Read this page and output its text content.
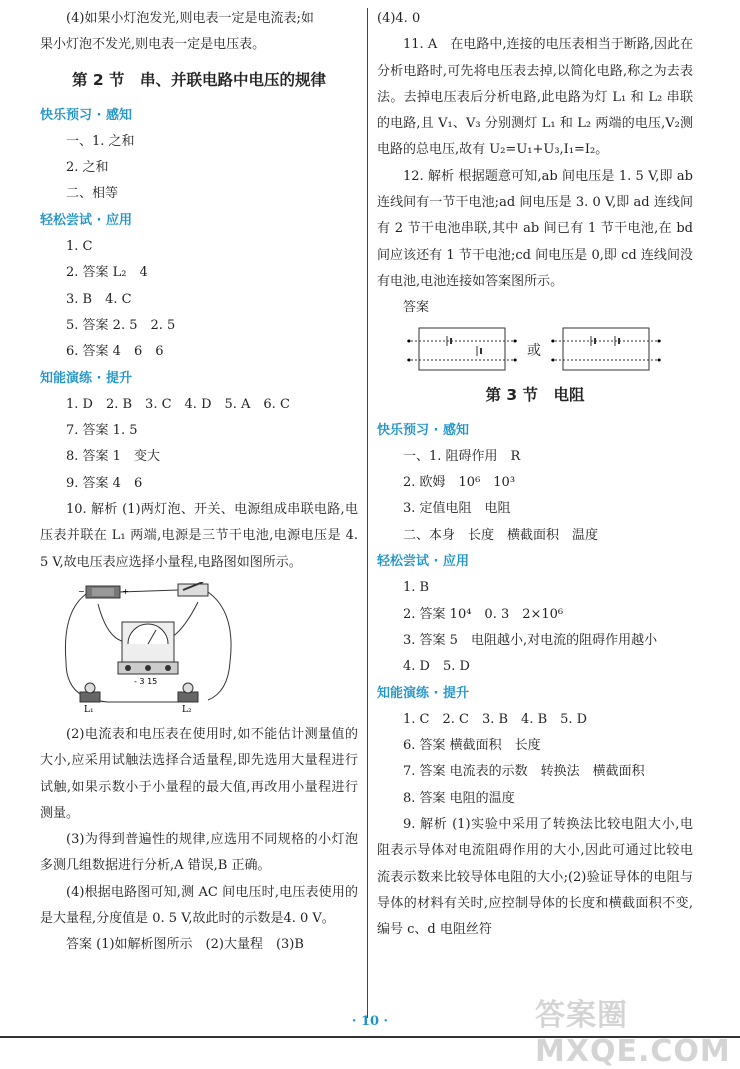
(4)如果小灯泡发光,则电表一定是电流表;如

果小灯泡不发光,则电表一定是电压表。

第 2 节　串、并联电路中电压的规律
快乐预习 · 感知

一、1. 之和

2. 之和

二、相等

轻松尝试 · 应用

1. C

2. 答案 L₂　4

3. B　4. C

5. 答案 2. 5　2. 5

6. 答案 4　6　6

知能演练 · 提升

1. D　2. B　3. C　4. D　5. A　6. C

7. 答案 1. 5

8. 答案 1　变大

9. 答案 4　6

10. 解析 (1)两灯泡、开关、电源组成串联电路,电压表并联在 L₁ 两端,电源是三节干电池,电源电压是 4. 5 V,故电压表应选择小量程,电路图如图所示。

−	+
- 3 15
L₁	L₂

(2)电流表和电压表在使用时,如不能估计测量值的大小,应采用试触法选择合适量程,即先选用大量程进行试触,如果示数小于小量程的最大值,再改用小量程进行测量。

(3)为得到普遍性的规律,应选用不同规格的小灯泡多测几组数据进行分析,A 错误,B 正确。

(4)根据电路图可知,测 AC 间电压时,电压表使用的是大量程,分度值是 0. 5 V,故此时的示数是4. 0 V。

答案 (1)如解析图所示　(2)大量程　(3)B

(4)4. 0

11. A　在电路中,连接的电压表相当于断路,因此在分析电路时,可先将电压表去掉,以简化电路,称之为去表法。去掉电压表后分析电路,此电路为灯 L₁ 和 L₂ 串联的电路,且 V₁、V₃ 分别测灯 L₁ 和 L₂ 两端的电压,V₂测电路的总电压,故有 U₂=U₁+U₃,I₁=I₂。

12. 解析 根据题意可知,ab 间电压是 1. 5 V,即 ab 连线间有一节干电池;ad 间电压是 3. 0 V,即 ad 连线间有 2 节干电池串联,其中 ab 间已有 1 节干电池,在 bd 间应该还有 1 节干电池;cd 间电压是 0,即 cd 连线间没有电池,电池连接如答案图所示。

答案

或
第 3 节　电阻
快乐预习 · 感知

一、1. 阻碍作用　R

2. 欧姆　10⁶　10³

3. 定值电阻　电阻

二、本身　长度　横截面积　温度

轻松尝试 · 应用

1. B

2. 答案 10⁴　0. 3　2×10⁶

3. 答案 5　电阻越小,对电流的阻碍作用越小

4. D　5. D

知能演练 · 提升

1. C　2. C　3. B　4. B　5. D

6. 答案 横截面积　长度

7. 答案 电流表的示数　转换法　横截面积

8. 答案 电阻的温度

9. 解析 (1)实验中采用了转换法比较电阻大小,电阻表示导体对电流阻碍作用的大小,因此可通过比较电流表示数来比较导体电阻的大小;(2)验证导体的电阻与导体的材料有关时,应控制导体的长度和横截面积不变,编号 c、d 电阻丝符

答案圈 MXQE.COM
· 10 ·
